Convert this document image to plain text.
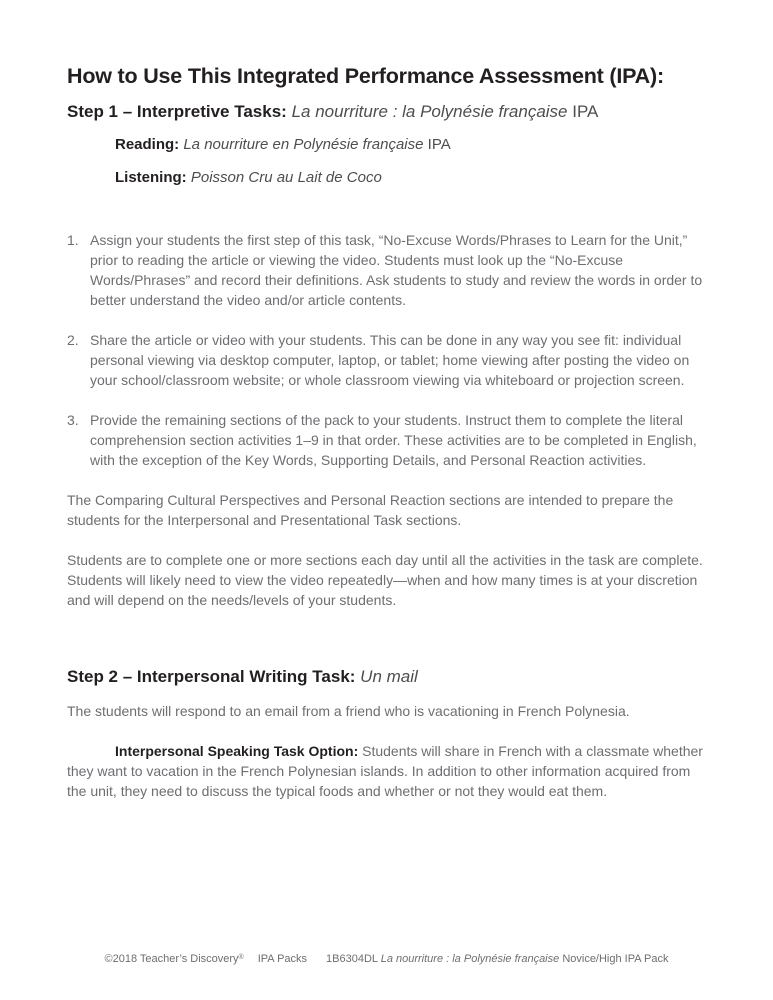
How to Use This Integrated Performance Assessment (IPA):
Step 1 – Interpretive Tasks: La nourriture : la Polynésie française IPA

Reading: La nourriture en Polynésie française IPA

Listening: Poisson Cru au Lait de Coco

1. Assign your students the first step of this task, “No-Excuse Words/Phrases to Learn for the Unit,” prior to reading the article or viewing the video. Students must look up the “No-Excuse Words/Phrases” and record their definitions. Ask students to study and review the words in order to better understand the video and/or article contents.
2. Share the article or video with your students. This can be done in any way you see fit: individual personal viewing via desktop computer, laptop, or tablet; home viewing after posting the video on your school/classroom website; or whole classroom viewing via whiteboard or projection screen.
3. Provide the remaining sections of the pack to your students. Instruct them to complete the literal comprehension section activities 1–9 in that order. These activities are to be completed in English, with the exception of the Key Words, Supporting Details, and Personal Reaction activities.

The Comparing Cultural Perspectives and Personal Reaction sections are intended to prepare the students for the Interpersonal and Presentational Task sections.

Students are to complete one or more sections each day until all the activities in the task are complete. Students will likely need to view the video repeatedly—when and how many times is at your discretion and will depend on the needs/levels of your students.

Step 2 – Interpersonal Writing Task: Un mail

The students will respond to an email from a friend who is vacationing in French Polynesia.

Interpersonal Speaking Task Option: Students will share in French with a classmate whether they want to vacation in the French Polynesian islands. In addition to other information acquired from the unit, they need to discuss the typical foods and whether or not they would eat them.

©2018 Teacher’s Discovery® IPA Packs 1B6304DL La nourriture : la Polynésie française Novice/High IPA Pack
